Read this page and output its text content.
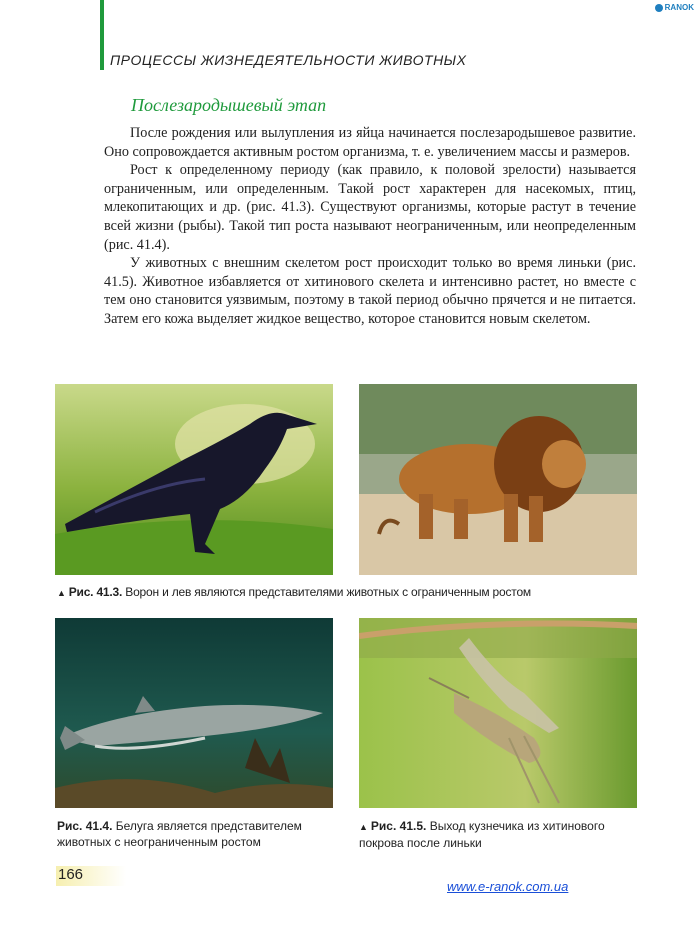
RANOK
ПРОЦЕССЫ ЖИЗНЕДЕЯТЕЛЬНОСТИ ЖИВОТНЫХ
Послезародышевый этап

После рождения или вылупления из яйца начинается послезародышевое развитие. Оно сопровождается активным ростом организма, т. е. увеличением массы и размеров.

Рост к определенному периоду (как правило, к половой зрелости) называется ограниченным, или определенным. Такой рост характерен для насекомых, птиц, млекопитающих и др. (рис. 41.3). Существуют организмы, которые растут в течение всей жизни (рыбы). Такой тип роста называют неограниченным, или неопределенным (рис. 41.4).

У животных с внешним скелетом рост происходит только во время линьки (рис. 41.5). Животное избавляется от хитинового скелета и интенсивно растет, но вместе с тем оно становится уязвимым, поэтому в такой период обычно прячется и не питается. Затем его кожа выделяет жидкое вещество, которое становится новым скелетом.

▲ Рис. 41.3. Ворон и лев являются представителями животных с ограниченным ростом
Рис. 41.4. Белуга является представителем животных с неограниченным ростом
▲ Рис. 41.5. Выход кузнечика из хитинового покрова после линьки
166
www.e-ranok.com.ua
